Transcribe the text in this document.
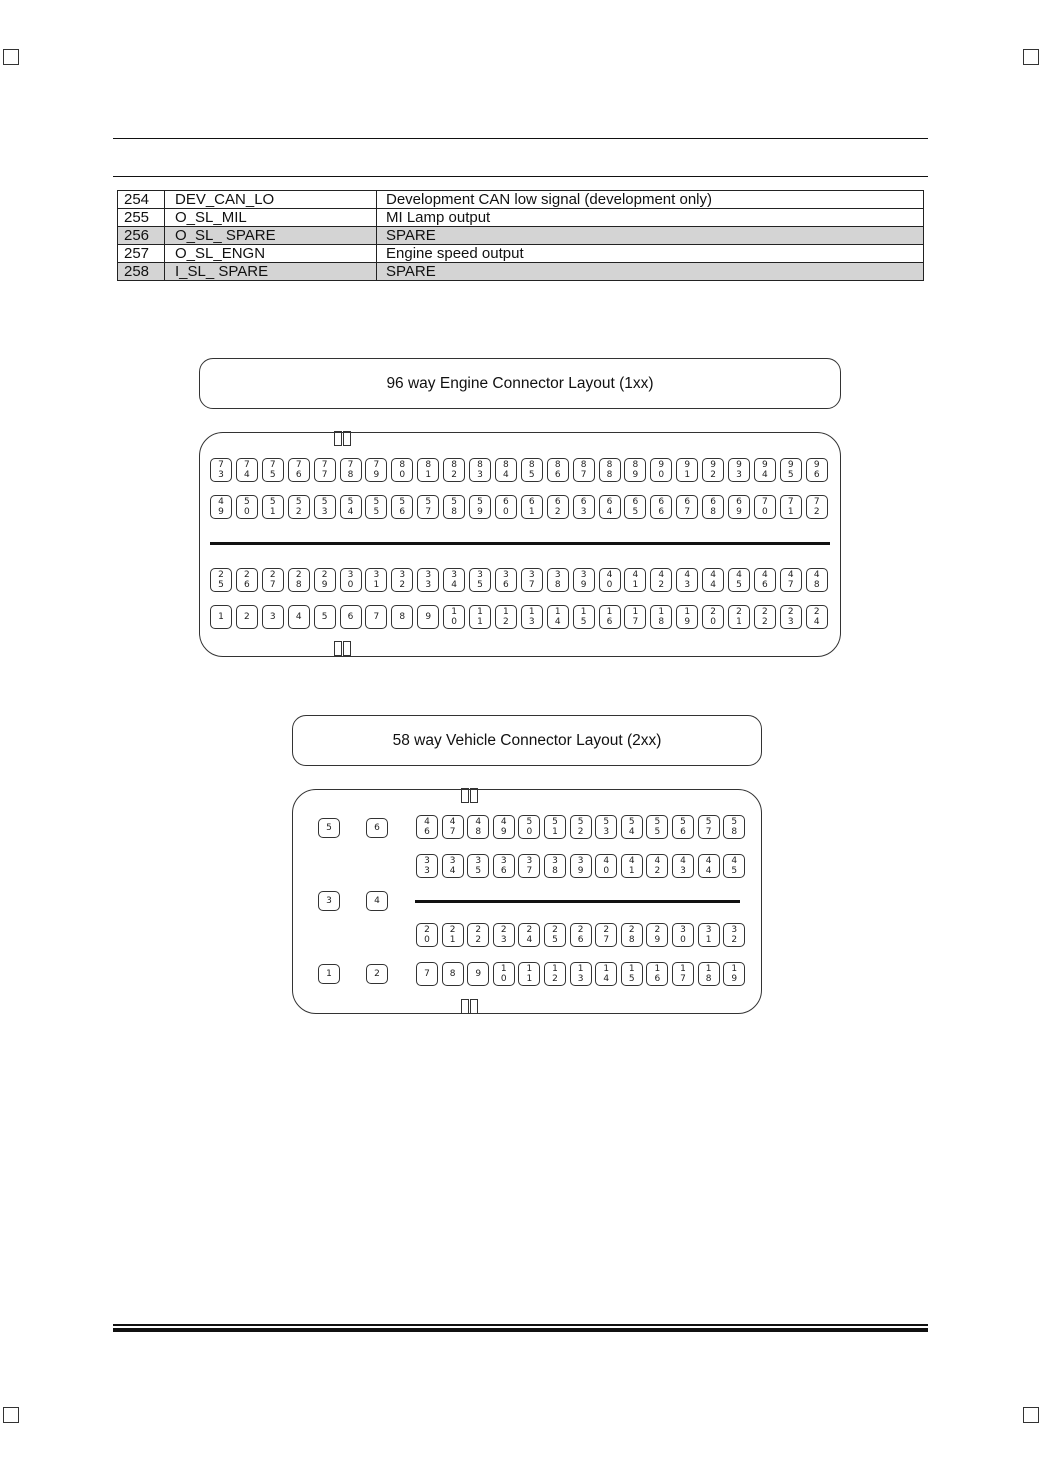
254	DEV_CAN_LO	Development CAN low signal (development only)
255	O_SL_MIL	MI Lamp output
256	O_SL_ SPARE	SPARE
257	O_SL_ENGN	Engine speed output
258	I_SL_ SPARE	SPARE
96 way Engine Connector Layout (1xx)
7
3
7
4
7
5
7
6
7
7
7
8
7
9
8
0
8
1
8
2
8
3
8
4
8
5
8
6
8
7
8
8
8
9
9
0
9
1
9
2
9
3
9
4
9
5
9
6
4
9
5
0
5
1
5
2
5
3
5
4
5
5
5
6
5
7
5
8
5
9
6
0
6
1
6
2
6
3
6
4
6
5
6
6
6
7
6
8
6
9
7
0
7
1
7
2
2
5
2
6
2
7
2
8
2
9
3
0
3
1
3
2
3
3
3
4
3
5
3
6
3
7
3
8
3
9
4
0
4
1
4
2
4
3
4
4
4
5
4
6
4
7
4
8
1	2	3	4	5	6	7	8	9	1
0
1
1
1
2
1
3
1
4
1
5
1
6
1
7
1
8
1
9
2
0
2
1
2
2
2
3
2
4
58 way Vehicle Connector Layout (2xx)
4
6
4
7
4
8
4
9
5
0
5
1
5
2
5
3
5
4
5
5
5
6
5
7
5
8
3
3
3
4
3
5
3
6
3
7
3
8
3
9
4
0
4
1
4
2
4
3
4
4
4
5
2
0
2
1
2
2
2
3
2
4
2
5
2
6
2
7
2
8
2
9
3
0
3
1
3
2
7	8	9	1
0
1
1
1
2
1
3
1
4
1
5
1
6
1
7
1
8
1
9
5	6
3	4
1	2
